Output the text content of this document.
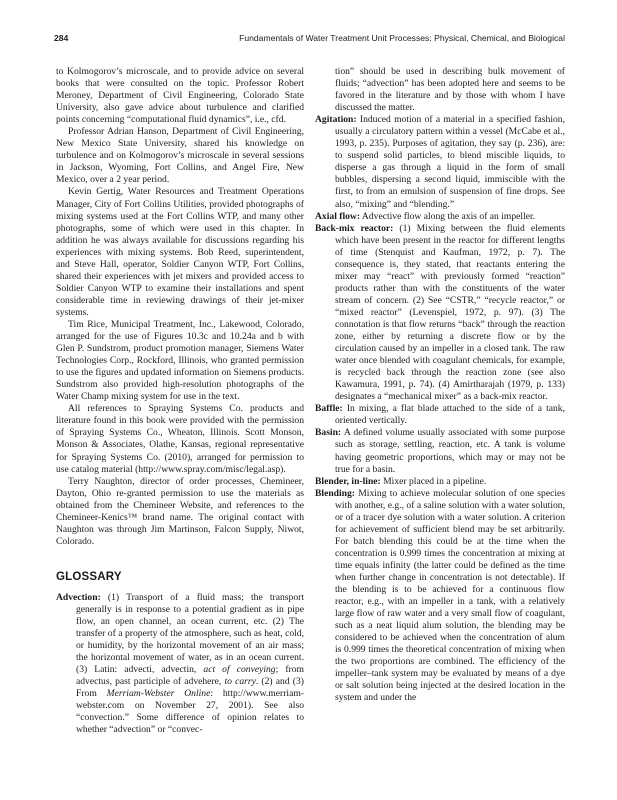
284	Fundamentals of Water Treatment Unit Processes: Physical, Chemical, and Biological

to Kolmogorov’s microscale, and to provide advice on several books that were consulted on the topic. Professor Robert Meroney, Department of Civil Engineering, Colorado State University, also gave advice about turbulence and clarified points concerning “computational fluid dynamics”, i.e., cfd.

Professor Adrian Hanson, Department of Civil Engineering, New Mexico State University, shared his knowledge on turbulence and on Kolmogorov’s microscale in several sessions in Jackson, Wyoming, Fort Collins, and Angel Fire, New Mexico, over a 2 year period.

Kevin Gertig, Water Resources and Treatment Operations Manager, City of Fort Collins Utilities, provided photographs of mixing systems used at the Fort Collins WTP, and many other photographs, some of which were used in this chapter. In addition he was always available for discussions regarding his experiences with mixing systems. Bob Reed, superintendent, and Steve Hall, operator, Soldier Canyon WTP, Fort Collins, shared their experiences with jet mixers and provided access to Soldier Canyon WTP to examine their installations and spent considerable time in reviewing drawings of their jet-mixer systems.

Tim Rice, Municipal Treatment, Inc., Lakewood, Colorado, arranged for the use of Figures 10.3c and 10.24a and b with Glen P. Sundstrom, product promotion manager, Siemens Water Technologies Corp., Rockford, Illinois, who granted permission to use the figures and updated information on Siemens products. Sundstrom also provided high-resolution photographs of the Water Champ mixing system for use in the text.

All references to Spraying Systems Co. products and literature found in this book were provided with the permission of Spraying Systems Co., Wheaton, Illinois. Scott Monson, Monson & Associates, Olathe, Kansas, regional representative for Spraying Systems Co. (2010), arranged for permission to use catalog material (http://www.spray.com/misc/legal.asp).

Terry Naughton, director of order processes, Chemineer, Dayton, Ohio re-granted permission to use the materials as obtained from the Chemineer Website, and references to the Chemineer-Kenics™ brand name. The original contact with Naughton was through Jim Martinson, Falcon Supply, Niwot, Colorado.

GLOSSARY

Advection: (1) Transport of a fluid mass; the transport generally is in response to a potential gradient as in pipe flow, an open channel, an ocean current, etc. (2) The transfer of a property of the atmosphere, such as heat, cold, or humidity, by the horizontal movement of an air mass; the horizontal movement of water, as in an ocean current. (3) Latin: advecti, advectin, act of conveying; from advectus, past participle of advehere, to carry. (2) and (3) From Merriam-Webster Online: http://www.merriam-webster.com on November 27, 2001). See also “convection.” Some difference of opinion relates to whether “advection” or “convec-

tion” should be used in describing bulk movement of fluids; “advection” has been adopted here and seems to be favored in the literature and by those with whom I have discussed the matter.

Agitation: Induced motion of a material in a specified fashion, usually a circulatory pattern within a vessel (McCabe et al., 1993, p. 235). Purposes of agitation, they say (p. 236), are: to suspend solid particles, to blend miscible liquids, to disperse a gas through a liquid in the form of small bubbles, dispersing a second liquid, immiscible with the first, to from an emulsion of suspension of fine drops. See also, “mixing” and “blending.”

Axial flow: Advective flow along the axis of an impeller.

Back-mix reactor: (1) Mixing between the fluid elements which have been present in the reactor for different lengths of time (Stenquist and Kaufman, 1972, p. 7). The consequence is, they stated, that reactants entering the mixer may “react” with previously formed “reaction” products rather than with the constituents of the water stream of concern. (2) See “CSTR,” “recycle reactor,” or “mixed reactor” (Levenspiel, 1972, p. 97). (3) The connotation is that flow returns “back” through the reaction zone, either by returning a discrete flow or by the circulation caused by an impeller in a closed tank. The raw water once blended with coagulant chemicals, for example, is recycled back through the reaction zone (see also Kawamura, 1991, p. 74). (4) Amirtharajah (1979, p. 133) designates a “mechanical mixer” as a back-mix reactor.

Baffle: In mixing, a flat blade attached to the side of a tank, oriented vertically.

Basin: A defined volume usually associated with some purpose such as storage, settling, reaction, etc. A tank is volume having geometric proportions, which may or may not be true for a basin.

Blender, in-line: Mixer placed in a pipeline.

Blending: Mixing to achieve molecular solution of one species with another, e.g., of a saline solution with a water solution, or of a tracer dye solution with a water solution. A criterion for achievement of sufficient blend may be set arbitrarily. For batch blending this could be at the time when the concentration is 0.999 times the concentration at mixing at time equals infinity (the latter could be defined as the time when further change in concentration is not detectable). If the blending is to be achieved for a continuous flow reactor, e.g., with an impeller in a tank, with a relatively large flow of raw water and a very small flow of coagulant, such as a neat liquid alum solution, the blending may be considered to be achieved when the concentration of alum is 0.999 times the theoretical concentration of mixing when the two proportions are combined. The efficiency of the impeller–tank system may be evaluated by means of a dye or salt solution being injected at the desired location in the system and under the
